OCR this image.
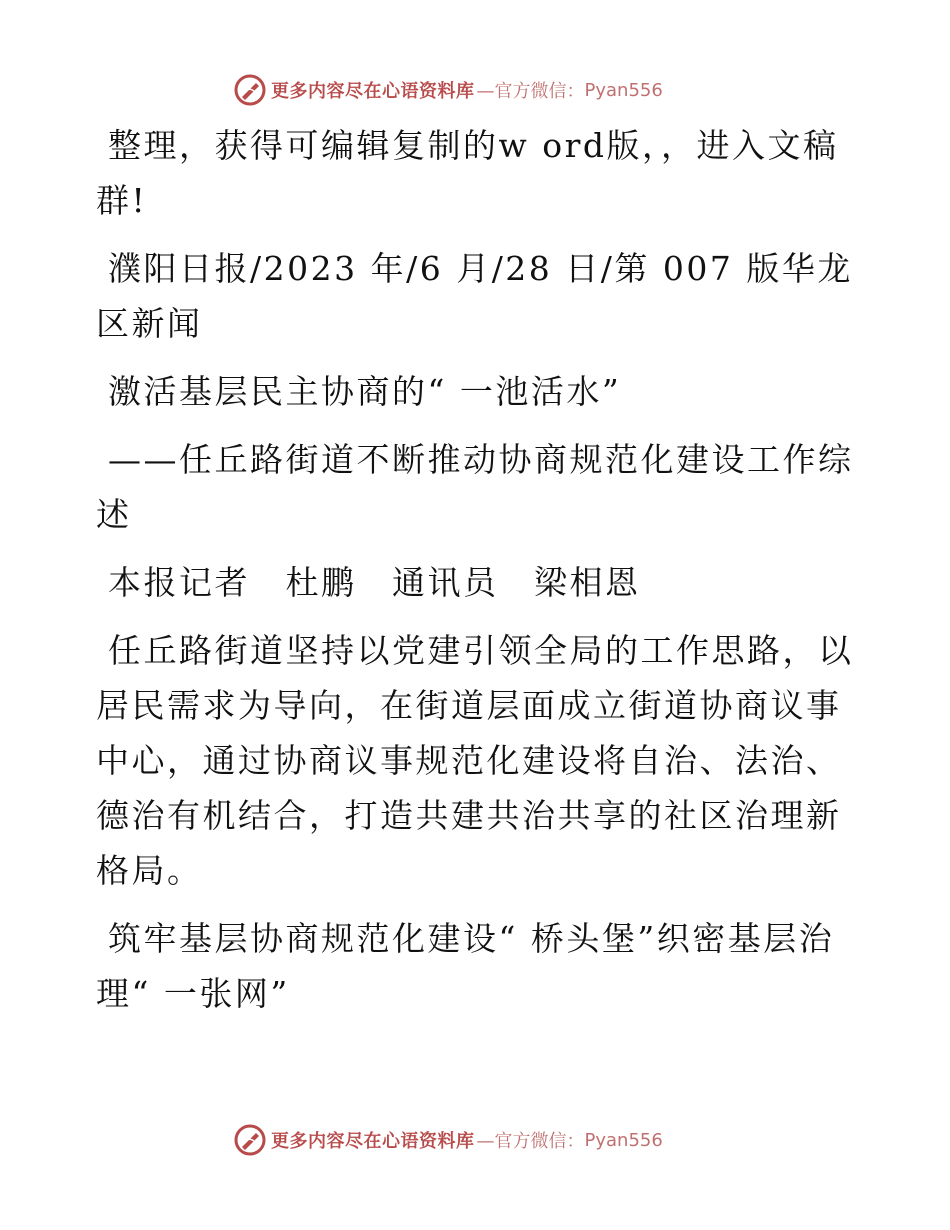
更多内容尽在心语资料库 —官方微信： Pyan556

整理，获得可编辑复制的w ord版，，进入文稿群!

濮阳日报/2023 年/6 月/28 日/第 007 版华龙区新闻

激活基层民主协商的“ 一池活水”

——任丘路街道不断推动协商规范化建设工作综述

本报记者　杜鹏　通讯员　梁相恩

任丘路街道坚持以党建引领全局的工作思路，以居民需求为导向，在街道层面成立街道协商议事中心，通过协商议事规范化建设将自治、法治、德治有机结合，打造共建共治共享的社区治理新格局。

筑牢基层协商规范化建设“ 桥头堡”织密基层治理“ 一张网”

更多内容尽在心语资料库 —官方微信： Pyan556
